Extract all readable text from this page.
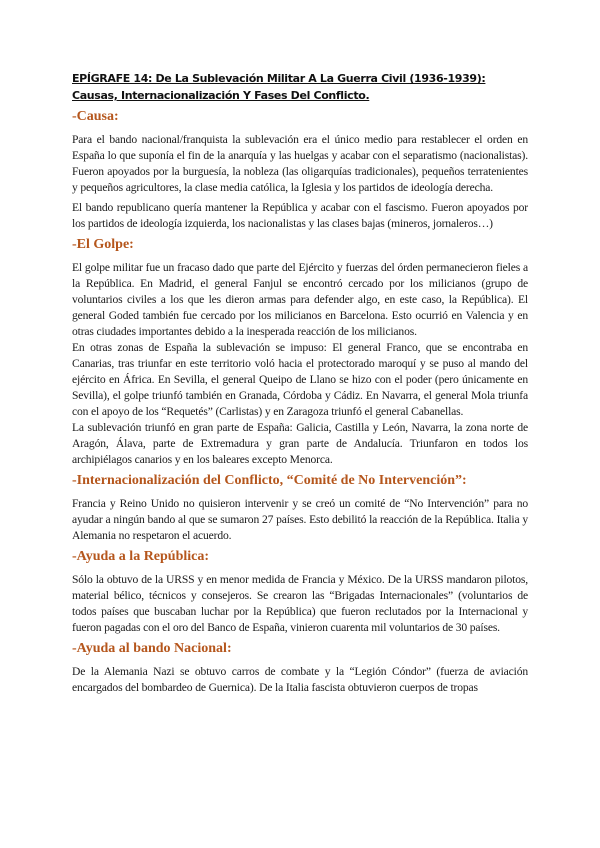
EPÍGRAFE 14: De La Sublevación Militar A La Guerra Civil (1936-1939): Causas, Internacionalización Y Fases Del Conflicto.
-Causa:

Para el bando nacional/franquista la sublevación era el único medio para restablecer el orden en España lo que suponía el fin de la anarquía y las huelgas y acabar con el separatismo (nacionalistas). Fueron apoyados por la burguesía, la nobleza (las oligarquías tradicionales), pequeños terratenientes y pequeños agricultores, la clase media católica, la Iglesia y los partidos de ideología derecha.

El bando republicano quería mantener la República y acabar con el fascismo. Fueron apoyados por los partidos de ideología izquierda, los nacionalistas y las clases bajas (mineros, jornaleros…)

-El Golpe:

El golpe militar fue un fracaso dado que parte del Ejército y fuerzas del órden permanecieron fieles a la República. En Madrid, el general Fanjul se encontró cercado por los milicianos (grupo de voluntarios civiles a los que les dieron armas para defender algo, en este caso, la República). El general Goded también fue cercado por los milicianos en Barcelona. Esto ocurrió en Valencia y en otras ciudades importantes debido a la inesperada reacción de los milicianos.

En otras zonas de España la sublevación se impuso: El general Franco, que se encontraba en Canarias, tras triunfar en este territorio voló hacia el protectorado maroquí y se puso al mando del ejército en África. En Sevilla, el general Queipo de Llano se hizo con el poder (pero únicamente en Sevilla), el golpe triunfó también en Granada, Córdoba y Cádiz. En Navarra, el general Mola triunfa con el apoyo de los “Requetés” (Carlistas) y en Zaragoza triunfó el general Cabanellas.

La sublevación triunfó en gran parte de España: Galicia, Castilla y León, Navarra, la zona norte de Aragón, Álava, parte de Extremadura y gran parte de Andalucía. Triunfaron en todos los archipiélagos canarios y en los baleares excepto Menorca.

-Internacionalización del Conflicto, “Comité de No Intervención”:

Francia y Reino Unido no quisieron intervenir y se creó un comité de “No Intervención” para no ayudar a ningún bando al que se sumaron 27 países. Esto debilitó la reacción de la República. Italia y Alemania no respetaron el acuerdo.

-Ayuda a la República:

Sólo la obtuvo de la URSS y en menor medida de Francia y México. De la URSS mandaron pilotos, material bélico, técnicos y consejeros. Se crearon las “Brigadas Internacionales” (voluntarios de todos países que buscaban luchar por la República) que fueron reclutados por la Internacional y fueron pagadas con el oro del Banco de España, vinieron cuarenta mil voluntarios de 30 países.

-Ayuda al bando Nacional:

De la Alemania Nazi se obtuvo carros de combate y la “Legión Cóndor” (fuerza de aviación encargados del bombardeo de Guernica). De la Italia fascista obtuvieron cuerpos de tropas
